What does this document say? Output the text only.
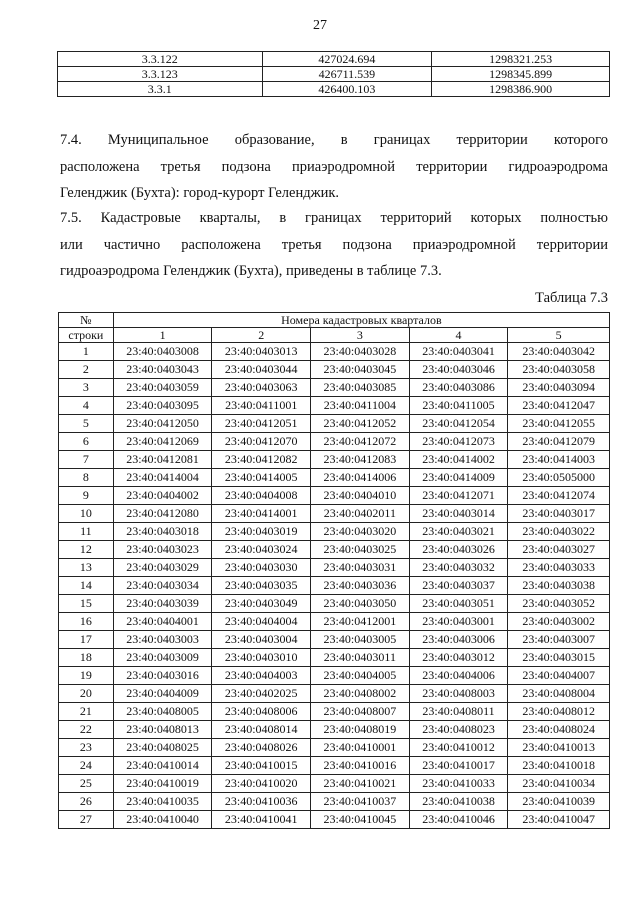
27
3.3.122	427024.694	1298321.253
3.3.123	426711.539	1298345.899
3.3.1	426400.103	1298386.900

7.4. Муниципальное образование, в границах территории которого
расположена третья подзона приаэродромной территории гидроаэродрома
Геленджик (Бухта): город-курорт Геленджик.

7.5. Кадастровые кварталы, в границах территорий которых полностью
или частично расположена третья подзона приаэродромной территории
гидроаэродрома Геленджик (Бухта), приведены в таблице 7.3.

Таблица 7.3
№	Номера кадастровых кварталов				
строки	1	2	3	4	5
1	23:40:0403008	23:40:0403013	23:40:0403028	23:40:0403041	23:40:0403042
2	23:40:0403043	23:40:0403044	23:40:0403045	23:40:0403046	23:40:0403058
3	23:40:0403059	23:40:0403063	23:40:0403085	23:40:0403086	23:40:0403094
4	23:40:0403095	23:40:0411001	23:40:0411004	23:40:0411005	23:40:0412047
5	23:40:0412050	23:40:0412051	23:40:0412052	23:40:0412054	23:40:0412055
6	23:40:0412069	23:40:0412070	23:40:0412072	23:40:0412073	23:40:0412079
7	23:40:0412081	23:40:0412082	23:40:0412083	23:40:0414002	23:40:0414003
8	23:40:0414004	23:40:0414005	23:40:0414006	23:40:0414009	23:40:0505000
9	23:40:0404002	23:40:0404008	23:40:0404010	23:40:0412071	23:40:0412074
10	23:40:0412080	23:40:0414001	23:40:0402011	23:40:0403014	23:40:0403017
11	23:40:0403018	23:40:0403019	23:40:0403020	23:40:0403021	23:40:0403022
12	23:40:0403023	23:40:0403024	23:40:0403025	23:40:0403026	23:40:0403027
13	23:40:0403029	23:40:0403030	23:40:0403031	23:40:0403032	23:40:0403033
14	23:40:0403034	23:40:0403035	23:40:0403036	23:40:0403037	23:40:0403038
15	23:40:0403039	23:40:0403049	23:40:0403050	23:40:0403051	23:40:0403052
16	23:40:0404001	23:40:0404004	23:40:0412001	23:40:0403001	23:40:0403002
17	23:40:0403003	23:40:0403004	23:40:0403005	23:40:0403006	23:40:0403007
18	23:40:0403009	23:40:0403010	23:40:0403011	23:40:0403012	23:40:0403015
19	23:40:0403016	23:40:0404003	23:40:0404005	23:40:0404006	23:40:0404007
20	23:40:0404009	23:40:0402025	23:40:0408002	23:40:0408003	23:40:0408004
21	23:40:0408005	23:40:0408006	23:40:0408007	23:40:0408011	23:40:0408012
22	23:40:0408013	23:40:0408014	23:40:0408019	23:40:0408023	23:40:0408024
23	23:40:0408025	23:40:0408026	23:40:0410001	23:40:0410012	23:40:0410013
24	23:40:0410014	23:40:0410015	23:40:0410016	23:40:0410017	23:40:0410018
25	23:40:0410019	23:40:0410020	23:40:0410021	23:40:0410033	23:40:0410034
26	23:40:0410035	23:40:0410036	23:40:0410037	23:40:0410038	23:40:0410039
27	23:40:0410040	23:40:0410041	23:40:0410045	23:40:0410046	23:40:0410047
